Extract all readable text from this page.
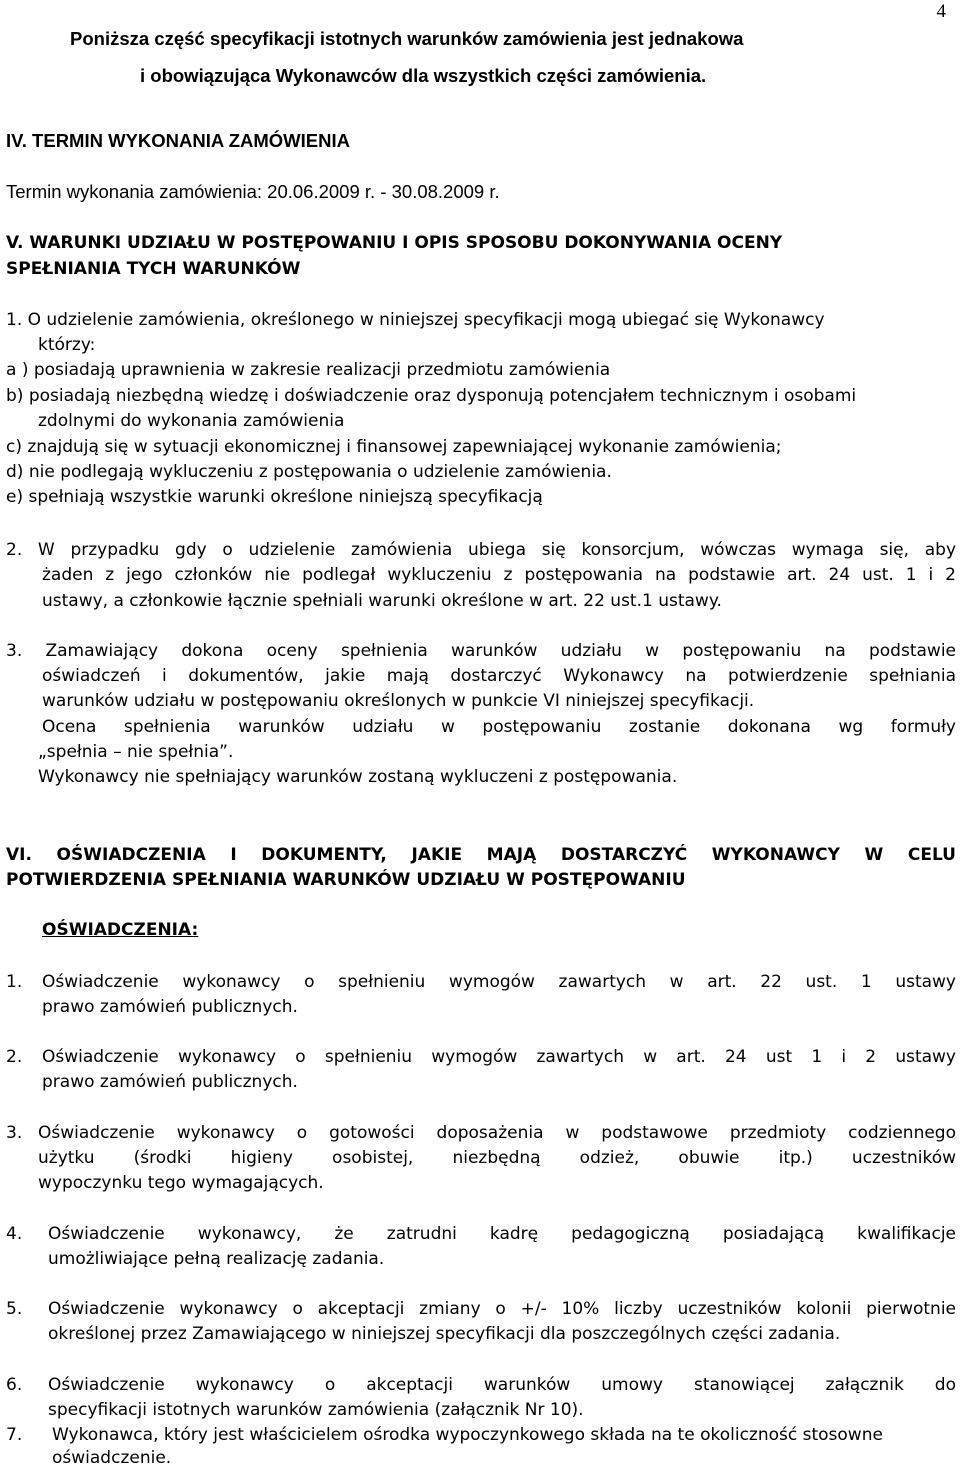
4
Poniższa część specyfikacji istotnych warunków zamówienia jest jednakowa
i obowiązująca Wykonawców dla wszystkich części zamówienia.
IV. TERMIN WYKONANIA ZAMÓWIENIA
Termin wykonania zamówienia: 20.06.2009 r. - 30.08.2009 r.
V. WARUNKI UDZIAŁU W POSTĘPOWANIU I OPIS SPOSOBU DOKONYWANIA OCENY
SPEŁNIANIA TYCH WARUNKÓW
1. O udzielenie zamówienia, określonego w niniejszej specyfikacji mogą ubiegać się Wykonawcy
któr​zy:
a ) posiadają uprawnienia w zakresie realizacji przedmiotu zamówienia
b) posiadają niezbędną wiedzę i doświadczenie oraz dysponują potencjałem technicznym i osobami
zdolnymi do wykonania zamówienia
c) znajdują się w sytuacji ekonomicznej i finansowej zapewniającej wykonanie zamówienia;
d) nie podlegają wykluczeniu z postępowania o udzielenie zamówienia.
e) spełniają wszystkie warunki określone niniejszą specyfikacją
2. W przypadku gdy o udzielenie zamówienia ubiega się konsorcjum, wówczas wymaga się, aby
żaden z jego członków nie podlegał wykluczeniu z postępowania na podstawie art. 24 ust. 1 i 2
ustawy, a członkowie łącznie spełniali warunki określone w art. 22 ust.1 ustawy.
3. Zamawiający dokona oceny spełnienia warunków udziału w postępowaniu na podstawie
oświadczeń i dokumentów, jakie mają dostarczyć Wykonawcy na potwierdzenie spełniania
warunków udziału w postępowaniu określonych w punkcie VI niniejszej specyfikacji.
Ocena spełnienia warunków udziału w postępowaniu zostanie dokonana wg formuły
„spełnia – nie spełnia”.
Wykonawcy nie spełniający warunków zostaną wykluczeni z postępowania.
VI. OŚWIADCZENIA I DOKUMENTY, JAKIE MAJĄ DOSTARCZYĆ WYKONAWCY W CELU
POTWIERDZENIA SPEŁNIANIA WARUNKÓW UDZIAŁU W POSTĘPOWANIU
OŚWIADCZENIA:
1. Oświadczenie wykonawcy o spełnieniu wymogów zawartych w art. 22 ust. 1 ustawy
prawo zamówień publicznych.
2. Oświadczenie wykonawcy o spełnieniu wymogów zawartych w art. 24 ust 1 i 2 ustawy
prawo zamówień publicznych.
3. Oświadczenie wykonawcy o gotowości doposażenia w podstawowe przedmioty codziennego
użytku (środki higieny osobistej, niezbędną odzież, obuwie itp.) uczestników
wypoczynku tego wymagających.
4. Oświadczenie wykonawcy, że zatrudni kadrę pedagogiczną posiadającą kwalifikacje
umożliwiające pełną realizację zadania.
5. Oświadczenie wykonawcy o akceptacji zmiany o +/- 10% liczby uczestników kolonii pierwotnie
określonej przez Zamawiającego w niniejszej specyfikacji dla poszczególnych części zadania.
6. Oświadczenie wykonawcy o akceptacji warunków umowy stanowiącej załącznik do
specyfikacji istotnych warunków zamówienia (załącznik Nr 10).
7. Wykonawca, który jest właścicielem ośrodka wypoczynkowego składa na te okoliczność stosowne
oświadczenie.
